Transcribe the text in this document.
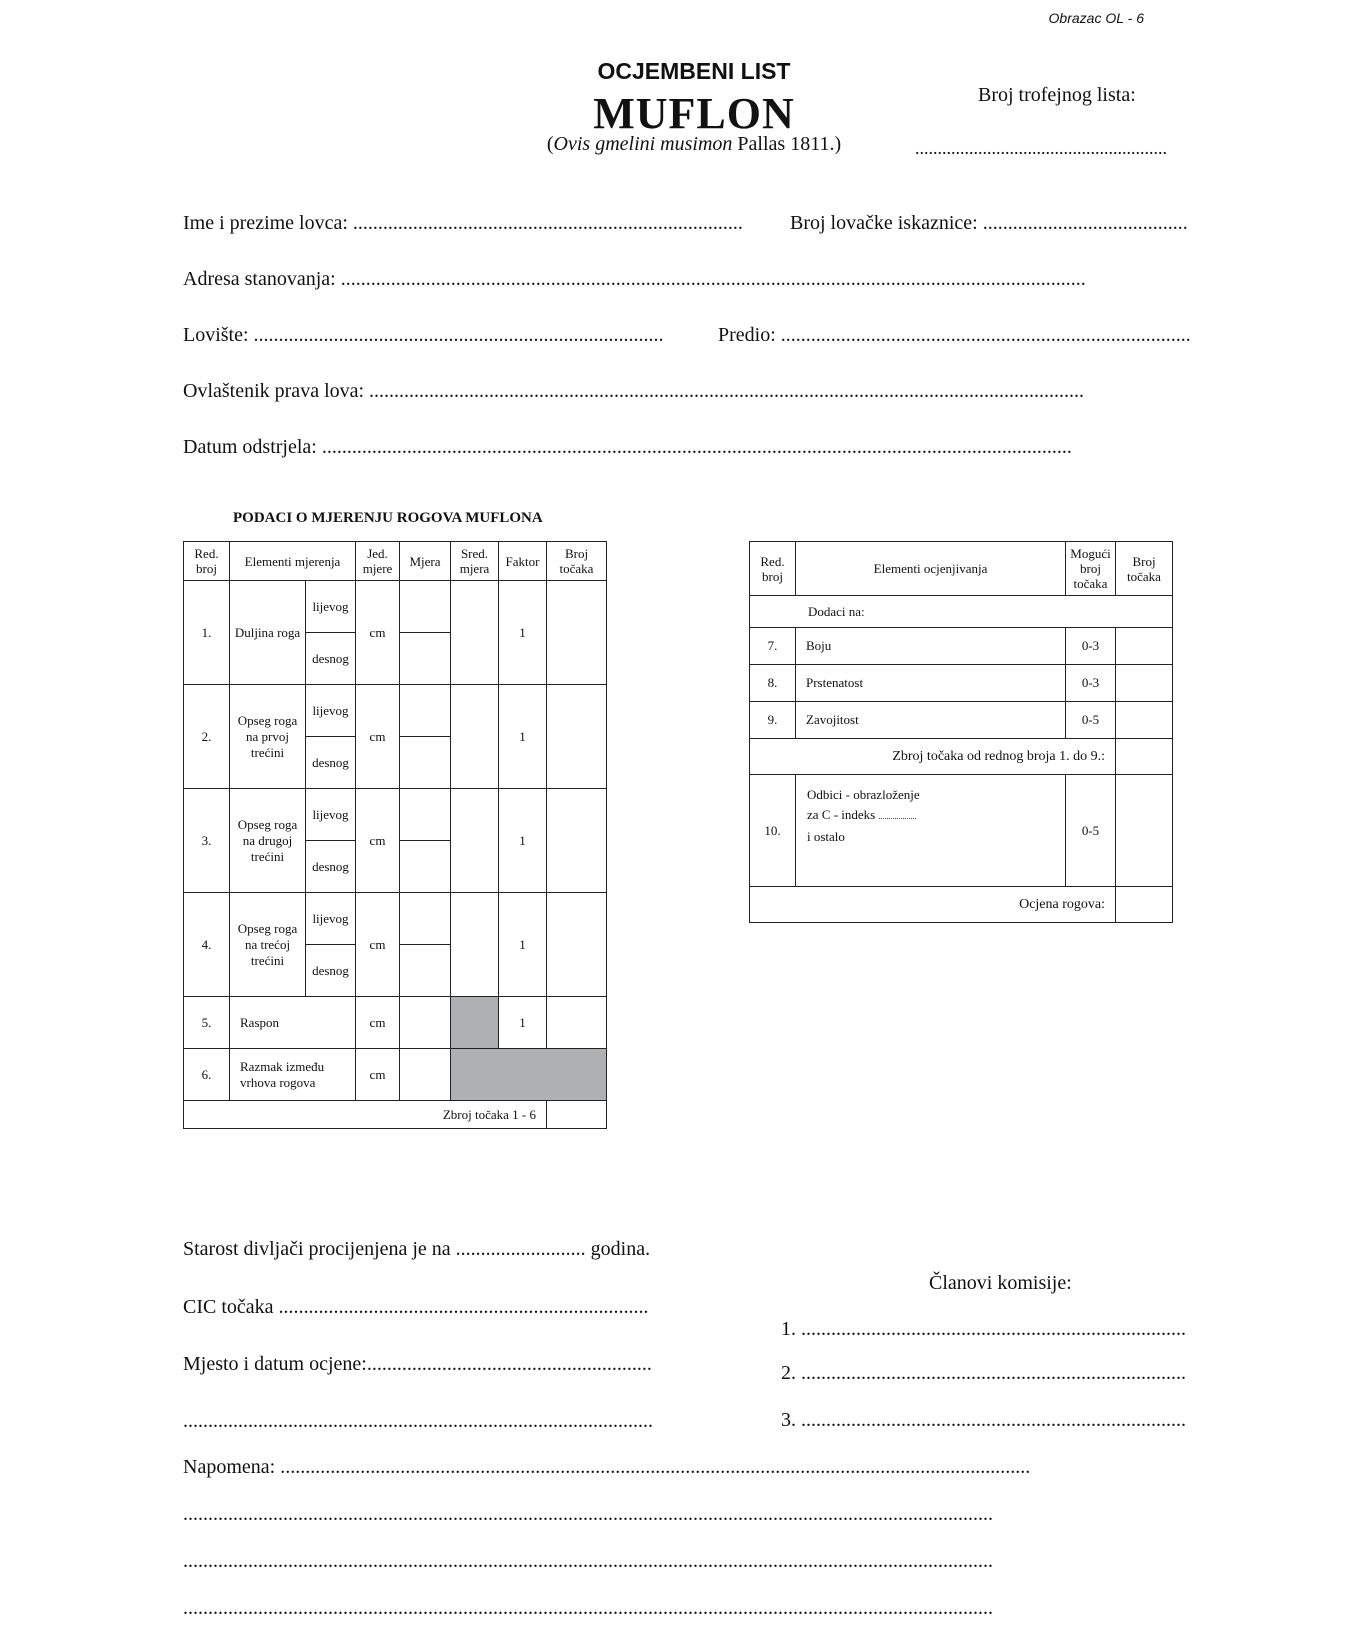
Obrazac OL - 6
OCJEMBENI LIST
MUFLON
(Ovis gmelini musimon Pallas 1811.)
Broj trofejnog lista:
........................................................
Ime i prezime lovca: ..............................................................................	Broj lovačke iskaznice: .........................................
Adresa stanovanja: .....................................................................................................................................................
Lovište: ..................................................................................	Predio: ..................................................................................
Ovlaštenik prava lova: ...............................................................................................................................................
Datum odstrjela: ......................................................................................................................................................
PODACI O MJERENJU ROGOVA MUFLONA
Red. broj	Elementi mjerenja		Jed. mjere	Mjera	Sred. mjera	Faktor	Broj točaka
1.	Duljina roga	lijevog	cm			1	
		desnog					
2.	Opseg roga na prvoj trećini	lijevog	cm			1	
		desnog					
3.	Opseg roga na drugoj trećini	lijevog	cm			1	
		desnog					
4.	Opseg roga na trećoj trećini	lijevog	cm			1	
		desnog					
5.	Raspon		cm			1	
6.	Razmak između vrhova rogova		cm				
Zbroj točaka 1 - 6							
Red. broj	Elementi ocjenjivanja	Mogući broj točaka	Broj točaka
Dodaci na:			
7.	Boju	0-3	
8.	Prstenatost	0-3	
9.	Zavojitost	0-5	
Zbroj točaka od rednog broja 1. do 9.:			
10.	Odbici - obrazloženje
za C - indeks ...................
i ostalo	0-5	
Ocjena rogova:			
Starost divljači procijenjena je na .......................... godina.
CIC točaka ..........................................................................
Mjesto i datum ocjene:.........................................................
..............................................................................................
Članovi komisije:
1. .............................................................................
2. .............................................................................
3. .............................................................................
Napomena: ......................................................................................................................................................
..................................................................................................................................................................
..................................................................................................................................................................
..................................................................................................................................................................
